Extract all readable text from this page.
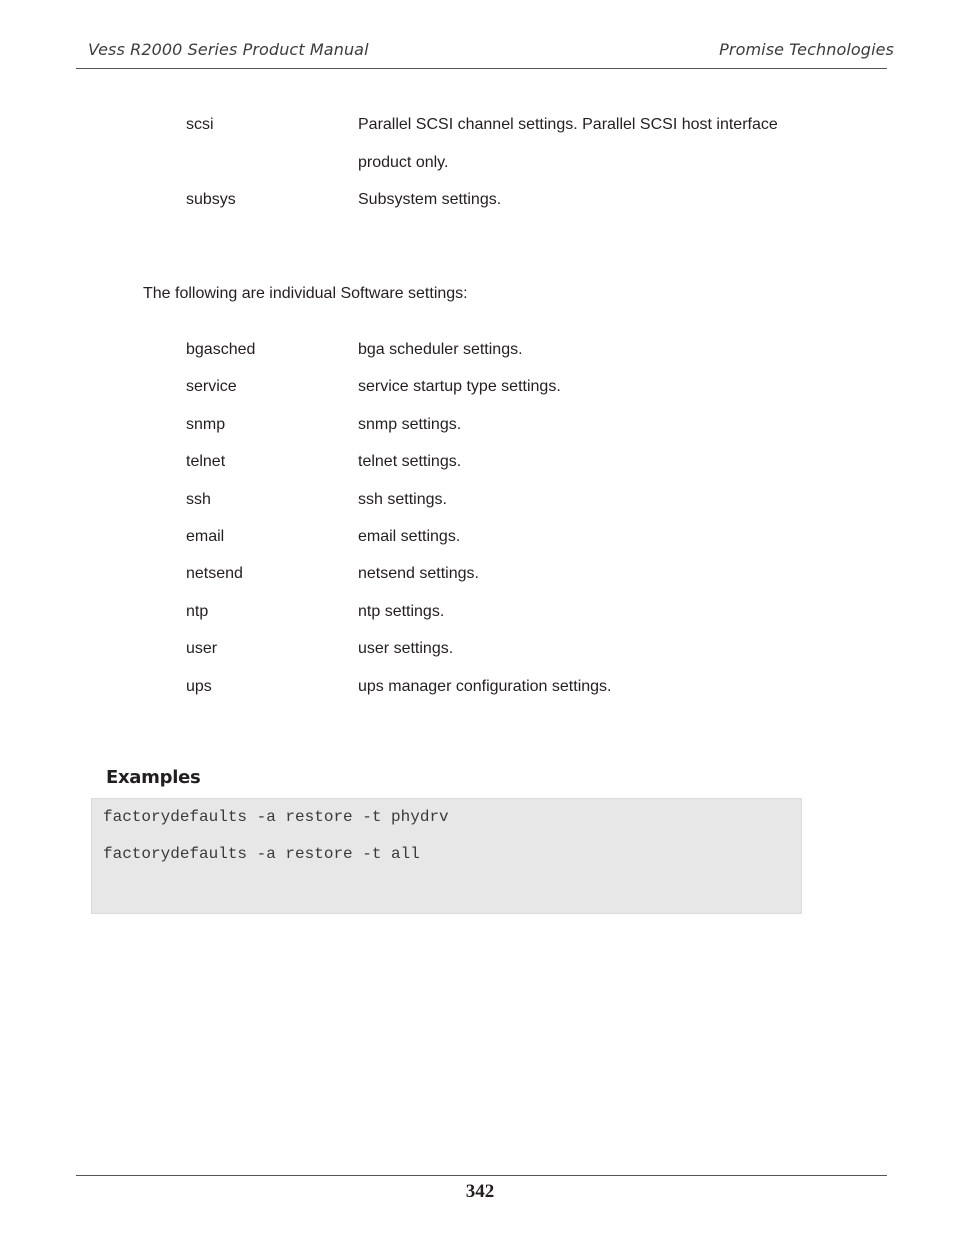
Vess R2000 Series Product Manual	Promise Technologies
scsi	Parallel SCSI channel settings. Parallel SCSI host interface
product only.
subsys	Subsystem settings.
The following are individual Software settings:
bgasched	bga scheduler settings.
service	service startup type settings.
snmp	snmp settings.
telnet	telnet settings.
ssh	ssh settings.
email	email settings.
netsend	netsend settings.
ntp	ntp settings.
user	user settings.
ups	ups manager configuration settings.
Examples
factorydefaults -a restore -t phydrv
factorydefaults -a restore -t all
342
